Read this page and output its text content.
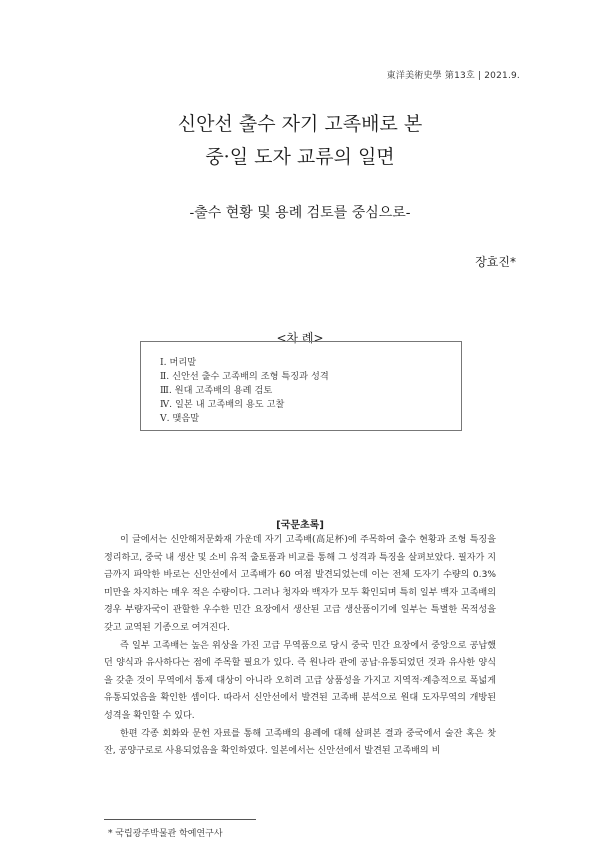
東洋美術史學 第13호 | 2021.9.
신안선 출수 자기 고족배로 본
중·일 도자 교류의 일면
-출수 현황 및 용례 검토를 중심으로-
장효진*
<차 례>
Ⅰ. 머리말
Ⅱ. 신안선 출수 고족배의 조형 특징과 성격
Ⅲ. 원대 고족배의 용례 검토
Ⅳ. 일본 내 고족배의 용도 고찰
Ⅴ. 맺음말
[국문초록]

이 글에서는 신안해저문화재 가운데 자기 고족배(高足杯)에 주목하여 출수 현황과 조형 특징을 정리하고, 중국 내 생산 및 소비 유적 출토품과 비교를 통해 그 성격과 특징을 살펴보았다. 필자가 지금까지 파악한 바로는 신안선에서 고족배가 60 여점 발견되었는데 이는 전체 도자기 수량의 0.3% 미만을 차지하는 매우 적은 수량이다. 그러나 청자와 백자가 모두 확인되며 특히 일부 백자 고족배의 경우 부량자국이 관할한 우수한 민간 요장에서 생산된 고급 생산품이기에 일부는 특별한 목적성을 갖고 교역된 기종으로 여겨진다.

즉 일부 고족배는 높은 위상을 가진 고급 무역품으로 당시 중국 민간 요장에서 중앙으로 공납했던 양식과 유사하다는 점에 주목할 필요가 있다. 즉 원나라 관에 공납·유통되었던 것과 유사한 양식을 갖춘 것이 무역에서 통제 대상이 아니라 오히려 고급 상품성을 가지고 지역적·계층적으로 폭넓게 유통되었음을 확인한 셈이다. 따라서 신안선에서 발견된 고족배 분석으로 원대 도자무역의 개방된 성격을 확인할 수 있다.

한편 각종 회화와 문헌 자료를 통해 고족배의 용례에 대해 살펴본 결과 중국에서 술잔 혹은 찻잔, 공양구로로 사용되었음을 확인하였다. 일본에서는 신안선에서 발견된 고족배의 비

* 국립광주박물관 학예연구사
